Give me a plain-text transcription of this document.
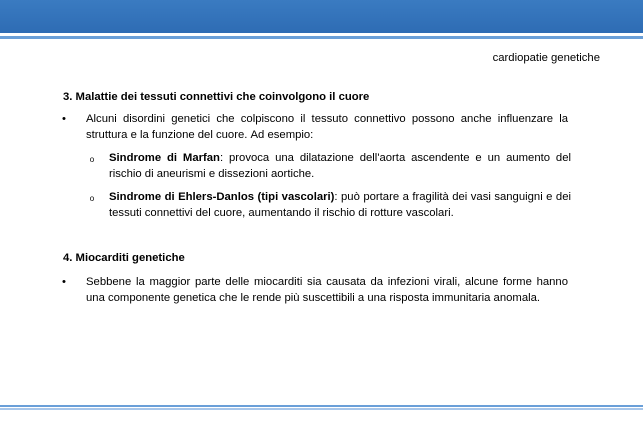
cardiopatie genetiche
3. Malattie dei tessuti connettivi che coinvolgono il cuore
• Alcuni disordini genetici che colpiscono il tessuto connettivo possono anche influenzare la struttura e la funzione del cuore. Ad esempio:
o Sindrome di Marfan: provoca una dilatazione dell'aorta ascendente e un aumento del rischio di aneurismi e dissezioni aortiche.
o Sindrome di Ehlers-Danlos (tipi vascolari): può portare a fragilità dei vasi sanguigni e dei tessuti connettivi del cuore, aumentando il rischio di rotture vascolari.
4. Miocarditi genetiche
• Sebbene la maggior parte delle miocarditi sia causata da infezioni virali, alcune forme hanno una componente genetica che le rende più suscettibili a una risposta immunitaria anomala.
